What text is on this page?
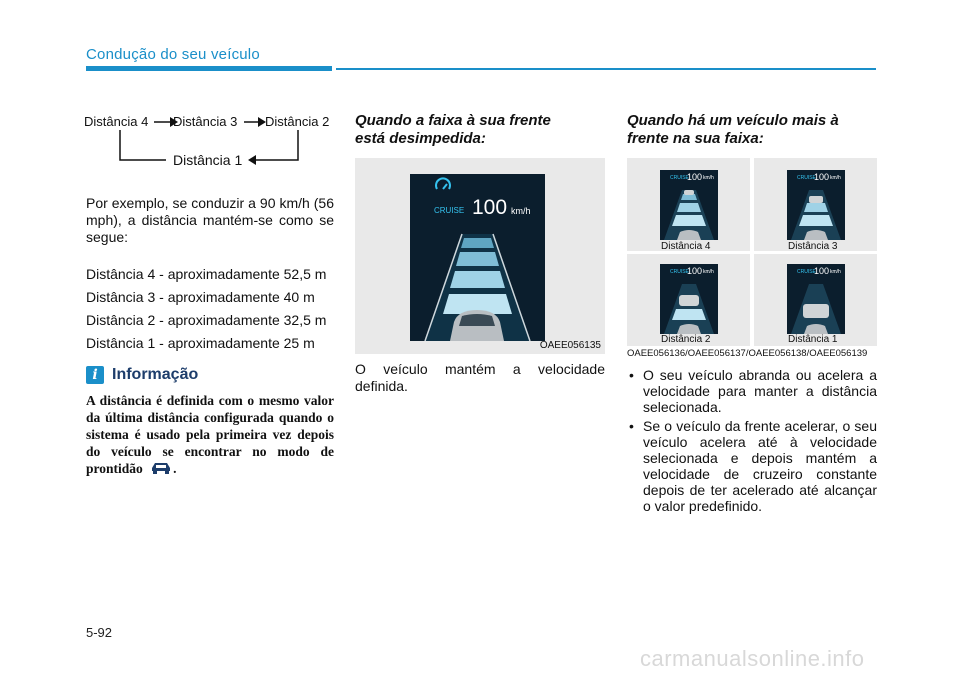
Condução do seu veículo
Distância 4 Distância 3 Distância 2
Distância 1
Por exemplo, se conduzir a 90 km/h (56 mph), a distância mantém-se como se segue:
Distância 4 - aproximadamente 52,5 m
Distância 3 - aproximadamente 40 m
Distância 2 - aproximadamente 32,5 m
Distância 1 - aproximadamente 25 m
i Informação
A distância é definida com o mesmo valor da última distância configurada quando o sistema é usado pela primeira vez depois do veículo se encontrar no modo de prontidão .
Quando a faixa à sua frente
está desimpedida:
CRUISE 100 km/h
OAEE056135
O veículo mantém a velocidade definida.
Quando há um veículo mais à
frente na sua faixa:
CRUISE
100 km/h
Distância 4
CRUISE
100 km/h
Distância 3
CRUISE
100 km/h
Distância 2
CRUISE
100 km/h
Distância 1
OAEE056136/OAEE056137/OAEE056138/OAEE056139
• O seu veículo abranda ou acelera a velocidade para manter a distância selecionada.
• Se o veículo da frente acelerar, o seu veículo acelera até à velocidade selecionada e depois mantém a velocidade de cruzeiro constante depois de ter acelerado até alcançar o valor predefinido.
5-92
carmanualsonline.info
